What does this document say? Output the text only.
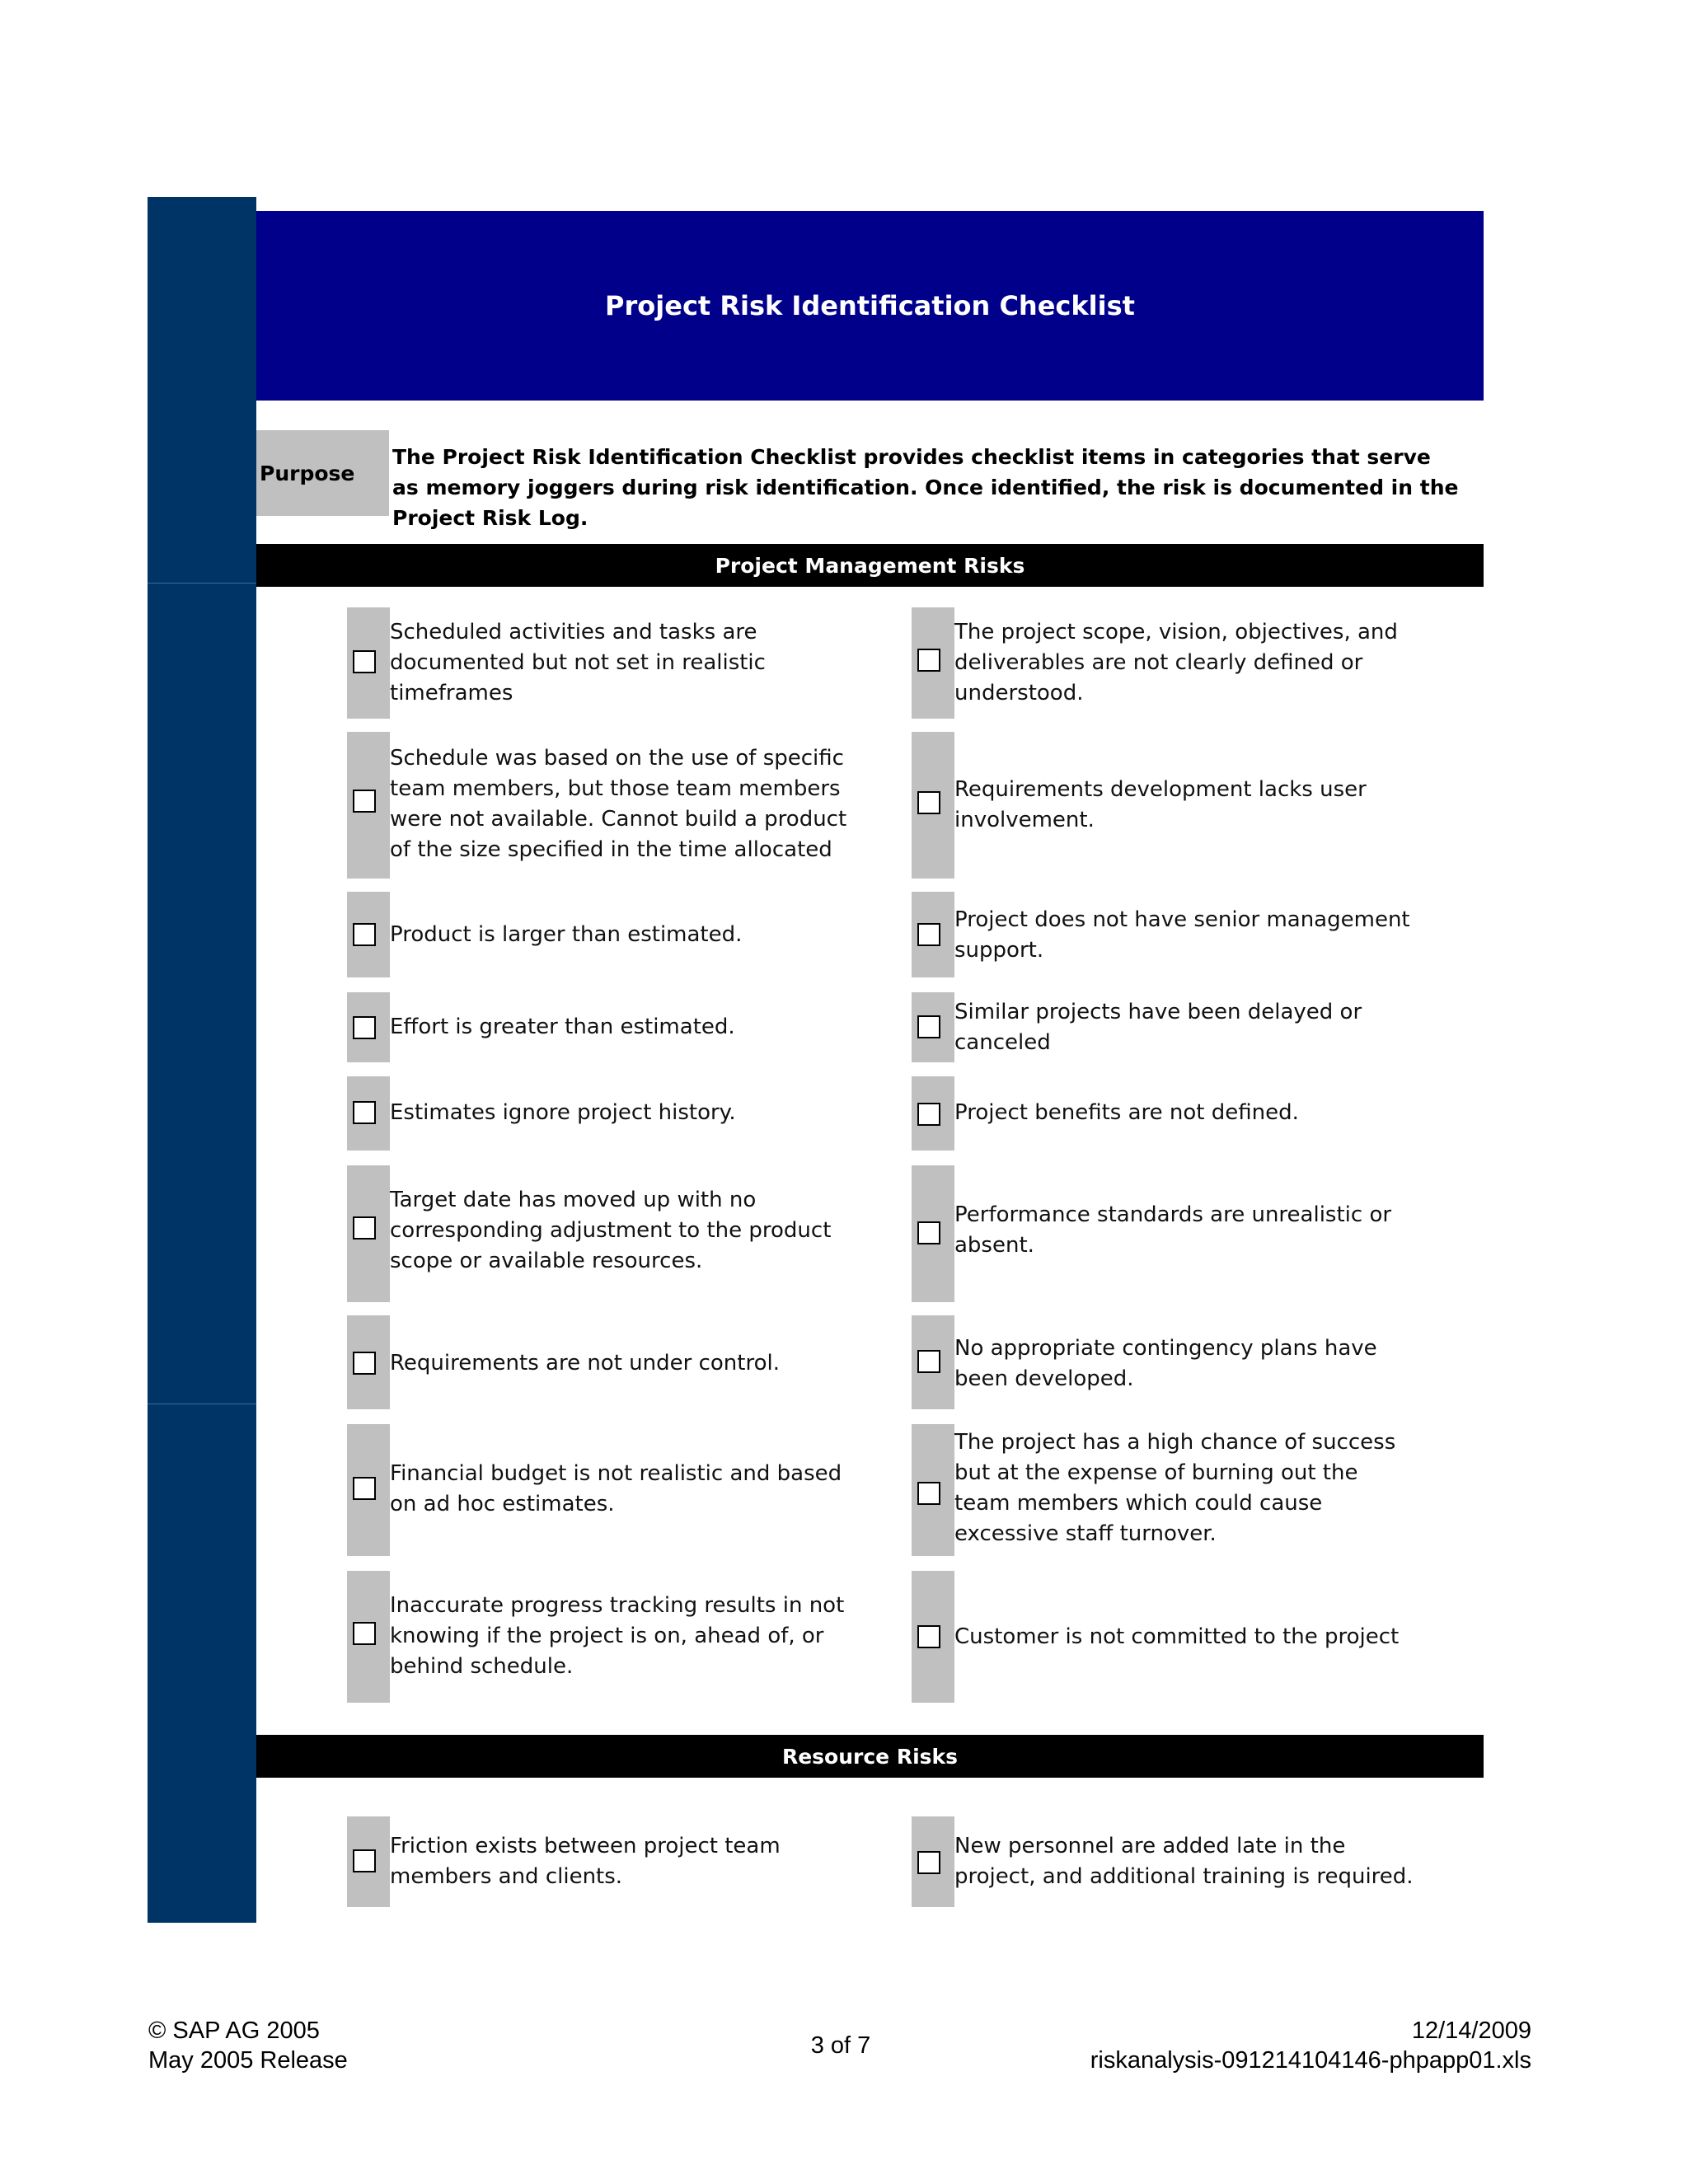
Project Risk Identification Checklist
Purpose
The Project Risk Identification Checklist provides checklist items in categories that serve as memory joggers during risk identification. Once identified, the risk is documented in the Project Risk Log.
Project Management Risks
Scheduled activities and tasks are documented but not set in realistic timeframes
Schedule was based on the use of specific team members, but those team members were not available. Cannot build a product of the size specified in the time allocated
Product is larger than estimated.
Effort is greater than estimated.
Estimates ignore project history.
Target date has moved up with no corresponding adjustment to the product scope or available resources.
Requirements are not under control.
Financial budget is not realistic and based on ad hoc estimates.
Inaccurate progress tracking results in not knowing if the project is on, ahead of, or behind schedule.
The project scope, vision, objectives, and deliverables are not clearly defined or understood.
Requirements development lacks user involvement.
Project does not have senior management support.
Similar projects have been delayed or canceled
Project benefits are not defined.
Performance standards are unrealistic or absent.
No appropriate contingency plans have been developed.
The project has a high chance of success but at the expense of burning out the team members which could cause excessive staff turnover.
Customer is not committed to the project
Resource Risks
Friction exists between project team members and clients.
New personnel are added late in the project, and additional training is required.
© SAP AG 2005
May 2005 Release
3 of 7
12/14/2009
riskanalysis-091214104146-phpapp01.xls
